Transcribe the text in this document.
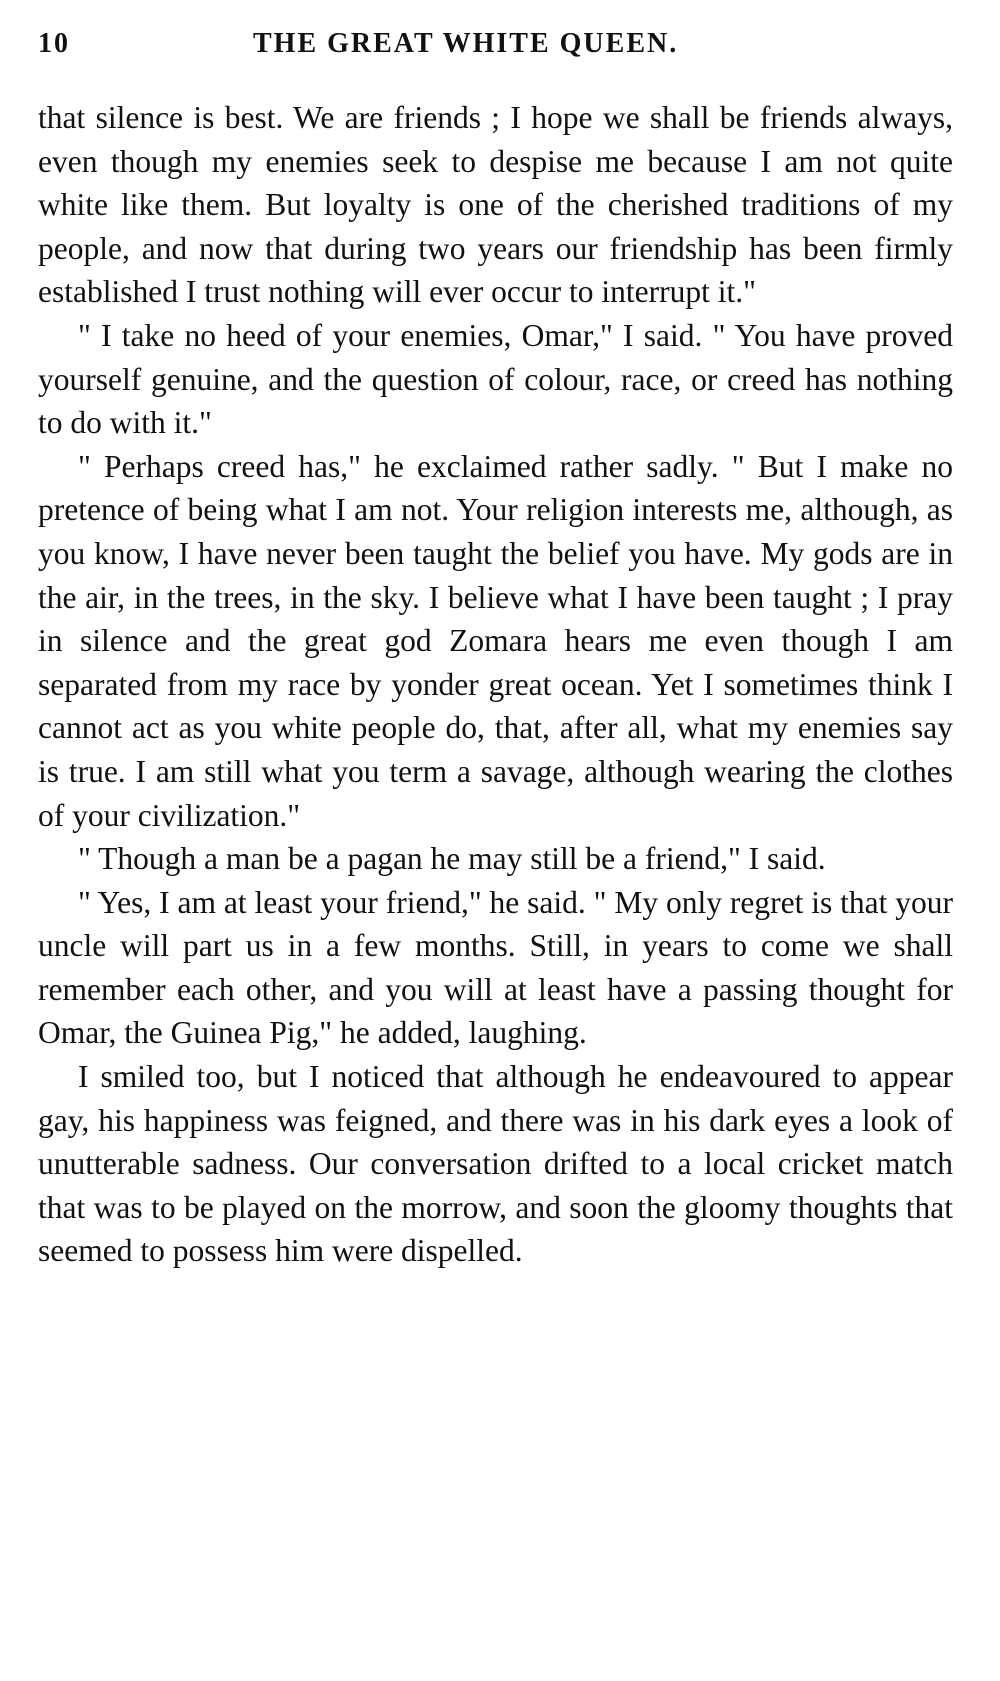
10	THE GREAT WHITE QUEEN.

that silence is best. We are friends ; I hope we shall be friends always, even though my enemies seek to despise me because I am not quite white like them. But loyalty is one of the cherished traditions of my people, and now that during two years our friendship has been firmly established I trust nothing will ever occur to interrupt it."

" I take no heed of your enemies, Omar," I said. " You have proved yourself genuine, and the question of colour, race, or creed has nothing to do with it."

" Perhaps creed has," he exclaimed rather sadly. " But I make no pretence of being what I am not. Your religion interests me, although, as you know, I have never been taught the belief you have. My gods are in the air, in the trees, in the sky. I believe what I have been taught ; I pray in silence and the great god Zomara hears me even though I am separated from my race by yonder great ocean. Yet I sometimes think I cannot act as you white people do, that, after all, what my enemies say is true. I am still what you term a savage, although wearing the clothes of your civilization."

" Though a man be a pagan he may still be a friend," I said.

" Yes, I am at least your friend," he said. " My only regret is that your uncle will part us in a few months. Still, in years to come we shall remember each other, and you will at least have a passing thought for Omar, the Guinea Pig," he added, laughing.

I smiled too, but I noticed that although he endeavoured to appear gay, his happiness was feigned, and there was in his dark eyes a look of unutterable sadness. Our conversation drifted to a local cricket match that was to be played on the morrow, and soon the gloomy thoughts that seemed to possess him were dispelled.
